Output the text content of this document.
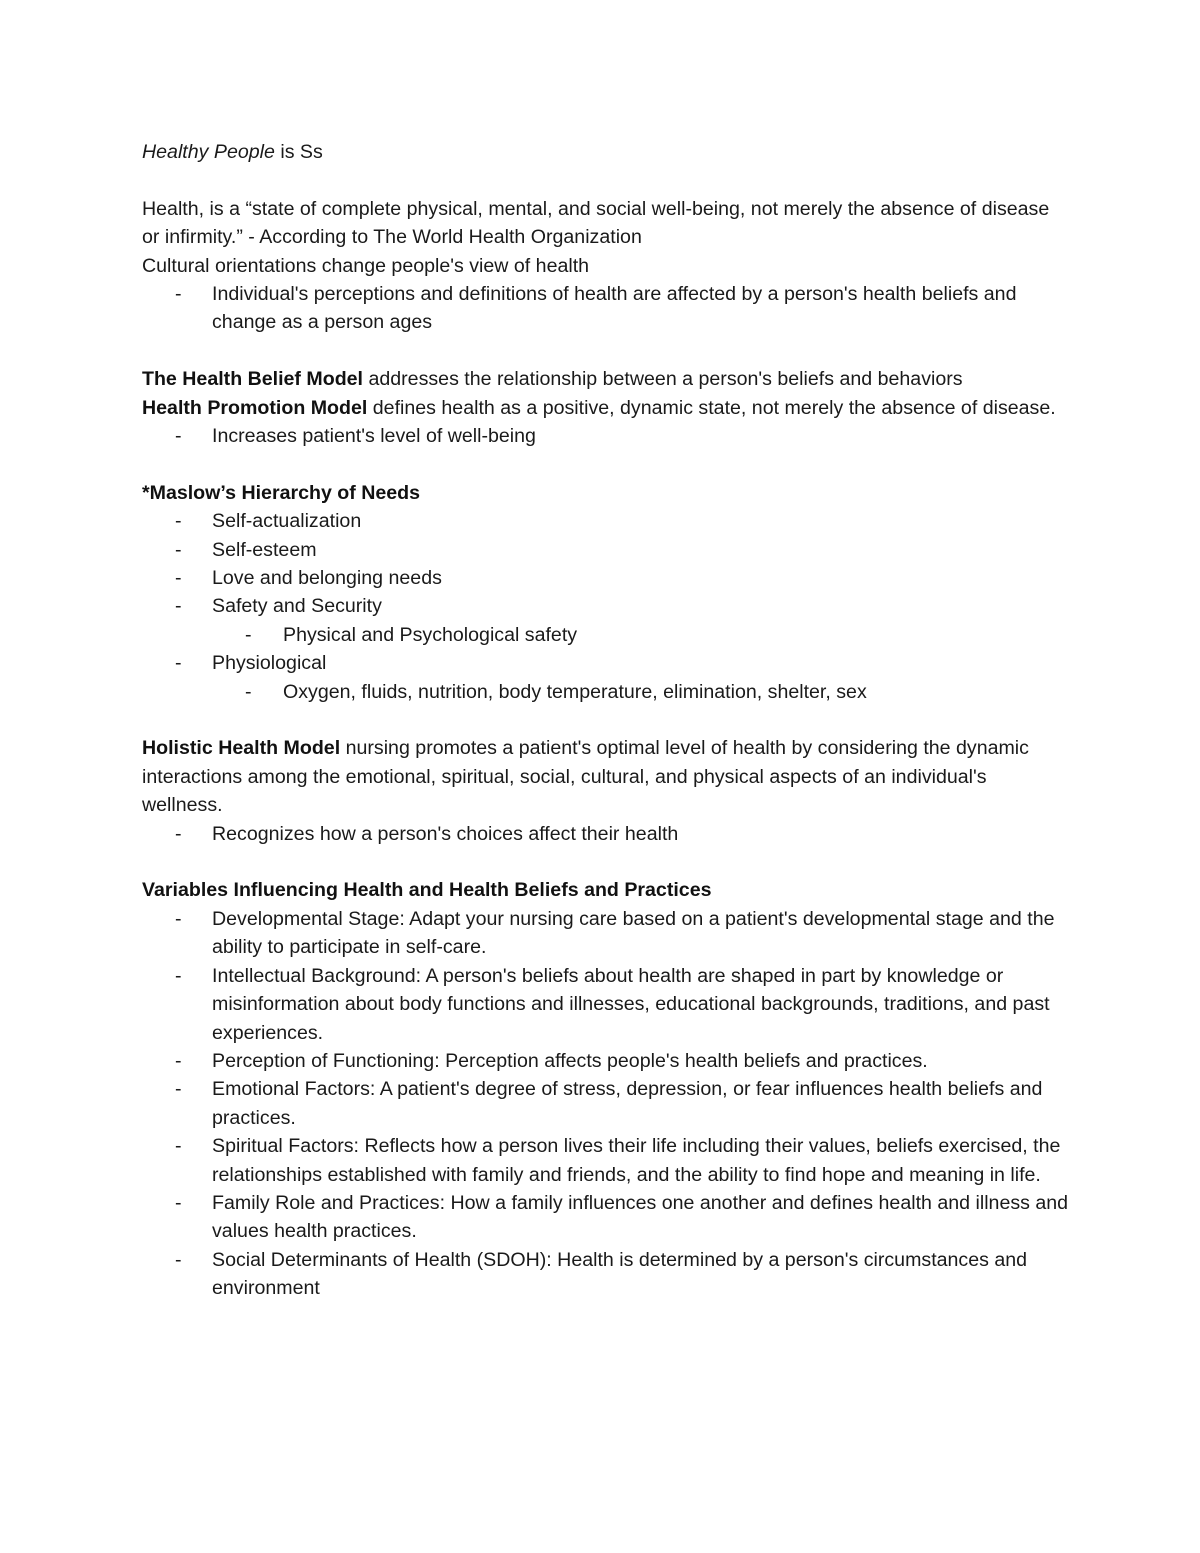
Healthy People is Ss

Health, is a “state of complete physical, mental, and social well-being, not merely the absence of disease or infirmity.” - According to The World Health Organization

Cultural orientations change people's view of health

- Individual's perceptions and definitions of health are affected by a person's health beliefs and change as a person ages

The Health Belief Model addresses the relationship between a person's beliefs and behaviors

Health Promotion Model defines health as a positive, dynamic state, not merely the absence of disease.

- Increases patient's level of well-being

*Maslow’s Hierarchy of Needs

- Self-actualization
- Self-esteem
- Love and belonging needs
- Safety and Security
- Physical and Psychological safety
- Physiological
- Oxygen, fluids, nutrition, body temperature, elimination, shelter, sex

Holistic Health Model nursing promotes a patient's optimal level of health by considering the dynamic interactions among the emotional, spiritual, social, cultural, and physical aspects of an individual's wellness.

- Recognizes how a person's choices affect their health

Variables Influencing Health and Health Beliefs and Practices

- Developmental Stage: Adapt your nursing care based on a patient's developmental stage and the ability to participate in self-care.
- Intellectual Background: A person's beliefs about health are shaped in part by knowledge or misinformation about body functions and illnesses, educational backgrounds, traditions, and past experiences.
- Perception of Functioning: Perception affects people's health beliefs and practices.
- Emotional Factors: A patient's degree of stress, depression, or fear influences health beliefs and practices.
- Spiritual Factors: Reflects how a person lives their life including their values, beliefs exercised, the relationships established with family and friends, and the ability to find hope and meaning in life.
- Family Role and Practices: How a family influences one another and defines health and illness and values health practices.
- Social Determinants of Health (SDOH): Health is determined by a person's circumstances and environment
